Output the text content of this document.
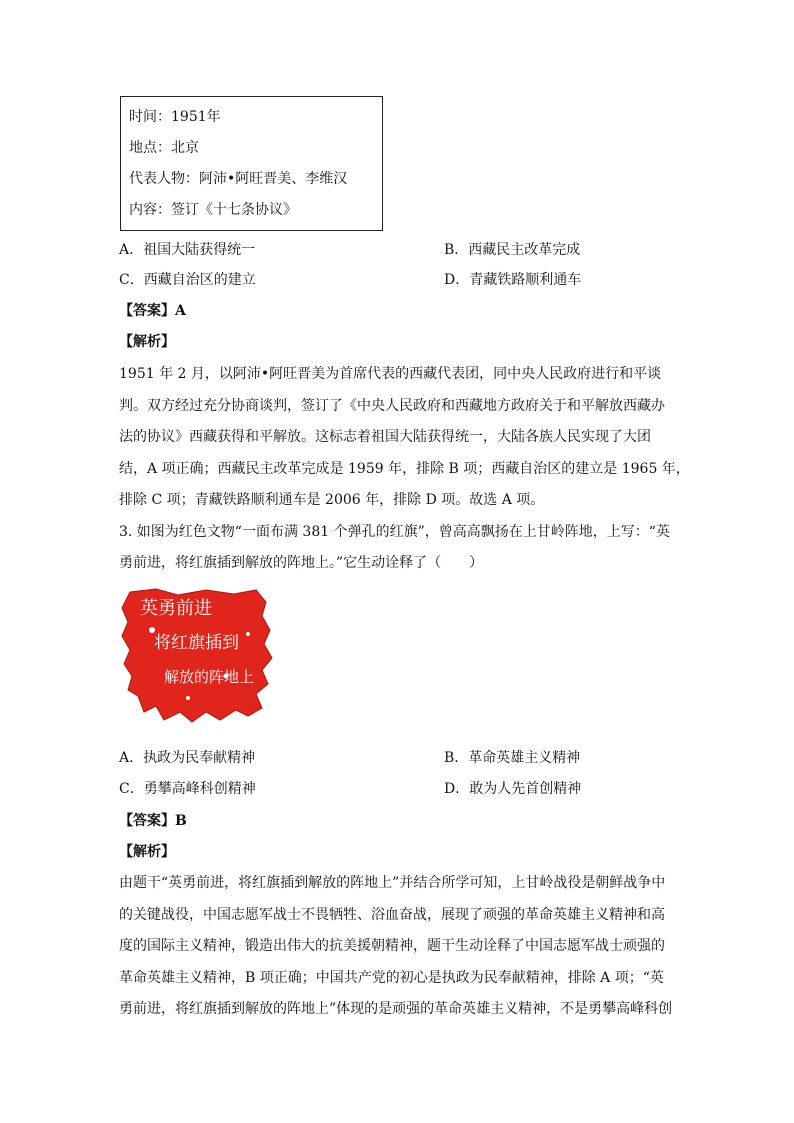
时间：1951年
地点：北京
代表人物：阿沛•阿旺晋美、李维汉
内容：签订《十七条协议》
A．祖国大陆获得统一	B．西藏民主改革完成
C．西藏自治区的建立	D．青藏铁路顺利通车
【答案】A
【解析】
1951 年 2 月，以阿沛•阿旺晋美为首席代表的西藏代表团，同中央人民政府进行和平谈
判。双方经过充分协商谈判，签订了《中央人民政府和西藏地方政府关于和平解放西藏办
法的协议》西藏获得和平解放。这标志着祖国大陆获得统一，大陆各族人民实现了大团
结，A 项正确；西藏民主改革完成是 1959 年，排除 B 项；西藏自治区的建立是 1965 年，
排除 C 项；青藏铁路顺利通车是 2006 年，排除 D 项。故选 A 项。
3. 如图为红色文物“一面布满 381 个弹孔的红旗”，曾高高飘扬在上甘岭阵地，上写：“英
勇前进，将红旗插到解放的阵地上。”它生动诠释了（　　）
英勇前进
将红旗插到
解放的阵地上
A．执政为民奉献精神	B．革命英雄主义精神
C．勇攀高峰科创精神	D．敢为人先首创精神
【答案】B
【解析】
由题干“英勇前进，将红旗插到解放的阵地上”并结合所学可知，上甘岭战役是朝鲜战争中
的关键战役，中国志愿军战士不畏牺牲、浴血奋战，展现了顽强的革命英雄主义精神和高
度的国际主义精神，锻造出伟大的抗美援朝精神，题干生动诠释了中国志愿军战士顽强的
革命英雄主义精神，B 项正确；中国共产党的初心是执政为民奉献精神，排除 A 项；“英
勇前进，将红旗插到解放的阵地上”体现的是顽强的革命英雄主义精神，不是勇攀高峰科创
